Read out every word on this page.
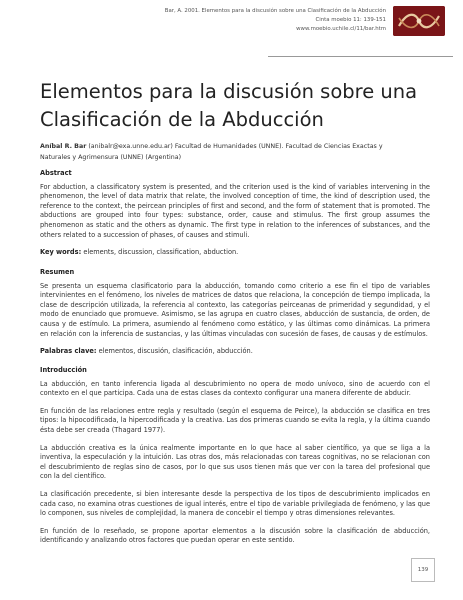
Bar, A. 2001. Elementos para la discusión sobre una Clasificación de la Abducción
Cinta moebio 11: 139-151
www.moebio.uchile.cl/11/bar.htm
Elementos para la discusión sobre una
Clasificación de la Abducción
Aníbal R. Bar (anibalr@exa.unne.edu.ar) Facultad de Humanidades (UNNE). Facultad de Ciencias Exactas y
Naturales y Agrimensura (UNNE) (Argentina)
Abstract

For abduction, a classificatory system is presented, and the criterion used is the kind of variables intervening in the phenomenon, the level of data matrix that relate, the involved conception of time, the kind of description used, the reference to the context, the peircean principles of first and second, and the form of statement that is promoted. The abductions are grouped into four types: substance, order, cause and stimulus. The first group assumes the phenomenon as static and the others as dynamic. The first type in relation to the inferences of substances, and the others related to a succession of phases, of causes and stimuli.

Key words: elements, discussion, classification, abduction.
Resumen

Se presenta un esquema clasificatorio para la abducción, tomando como criterio a ese fin el tipo de variables intervinientes en el fenómeno, los niveles de matrices de datos que relaciona, la concepción de tiempo implicada, la clase de descripción utilizada, la referencia al contexto, las categorías peirceanas de primeridad y segundidad, y el modo de enunciado que promueve. Asimismo, se las agrupa en cuatro clases, abducción de sustancia, de orden, de causa y de estímulo. La primera, asumiendo al fenómeno como estático, y las últimas como dinámicas. La primera en relación con la inferencia de sustancias, y las últimas vinculadas con sucesión de fases, de causas y de estímulos.

Palabras clave: elementos, discusión, clasificación, abducción.
Introducción

La abducción, en tanto inferencia ligada al descubrimiento no opera de modo unívoco, sino de acuerdo con el contexto en el que participa. Cada una de estas clases da contexto configurar una manera diferente de abducir.

En función de las relaciones entre regla y resultado (según el esquema de Peirce), la abducción se clasifica en tres tipos: la hipocodificada, la hipercodificada y la creativa. Las dos primeras cuando se evita la regla, y la última cuando ésta debe ser creada (Thagard 1977).

La abducción creativa es la única realmente importante en lo que hace al saber científico, ya que se liga a la inventiva, la especulación y la intuición. Las otras dos, más relacionadas con tareas cognitivas, no se relacionan con el descubrimiento de reglas sino de casos, por lo que sus usos tienen más que ver con la tarea del profesional que con la del científico.

La clasificación precedente, si bien interesante desde la perspectiva de los tipos de descubrimiento implicados en cada caso, no examina otras cuestiones de igual interés, entre el tipo de variable privilegiada de fenómeno, y las que lo componen, sus niveles de complejidad, la manera de concebir el tiempo y otras dimensiones relevantes.

En función de lo reseñado, se propone aportar elementos a la discusión sobre la clasificación de abducción, identificando y analizando otros factores que puedan operar en este sentido.

139
